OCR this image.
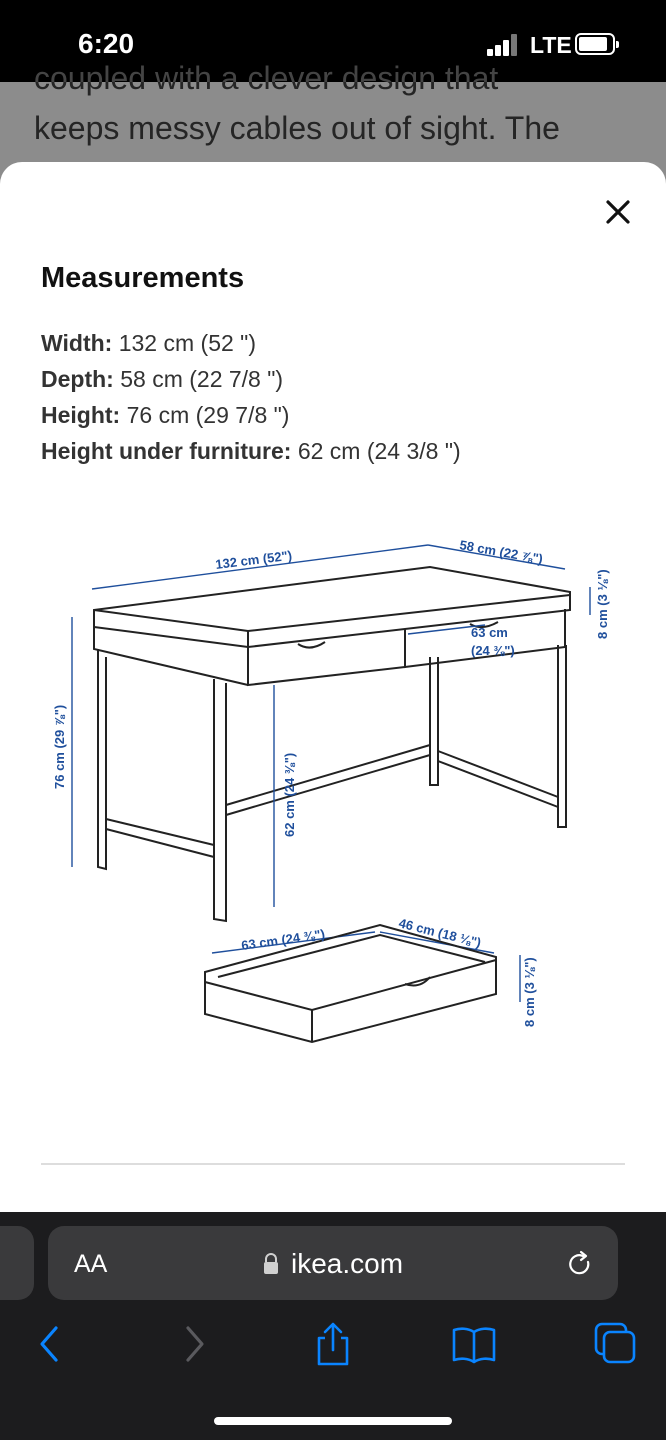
6:20	LTE
coupled with a clever design that
keeps messy cables out of sight. The
Measurements
Width: 132 cm (52 ")
Depth: 58 cm (22 7/8 ")
Height: 76 cm (29 7/8 ")
Height under furniture: 62 cm (24 3/8 ")
132 cm (52")	58 cm (22 ⅞")
8 cm (3 ⅛")
63 cm
(24 ⅜")
76 cm (29 ⅞")
62 cm (24 ⅜")
63 cm (24 ⅜")	46 cm (18 ⅛")
8 cm (3 ⅛")
AA	ikea.com
